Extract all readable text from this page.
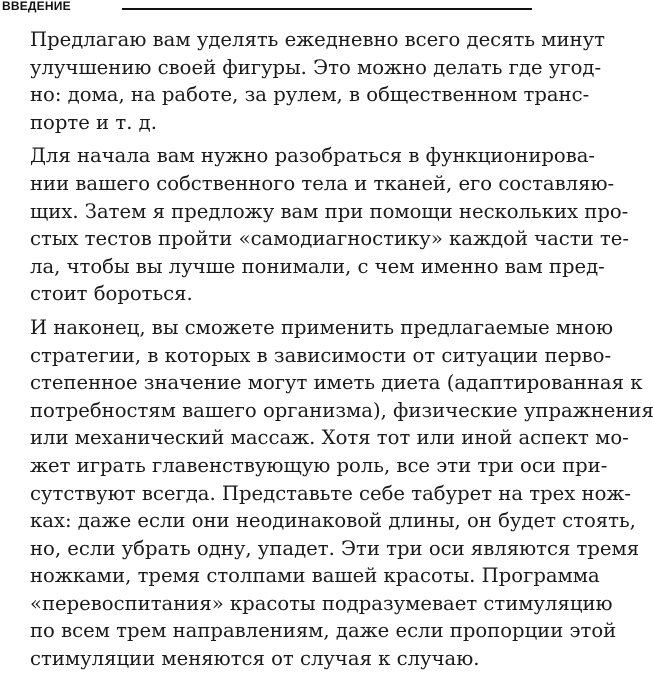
ВВЕДЕНИЕ
Предлагаю вам уделять ежедневно всего десять минут
улучшению своей фигуры. Это можно делать где угод-
но: дома, на работе, за рулем, в общественном транс-
порте и т. д.
Для начала вам нужно разобраться в функционирова-
нии вашего собственного тела и тканей, его составляю-
щих. Затем я предложу вам при помощи нескольких про-
стых тестов пройти «самодиагностику» каждой части те-
ла, чтобы вы лучше понимали, с чем именно вам пред-
стоит бороться.
И наконец, вы сможете применить предлагаемые мною
стратегии, в которых в зависимости от ситуации перво-
степенное значение могут иметь диета (адаптированная к
потребностям вашего организма), физические упражнения
или механический массаж. Хотя тот или иной аспект мо-
жет играть главенствующую роль, все эти три оси при-
сутствуют всегда. Представьте себе табурет на трех нож-
ках: даже если они неодинаковой длины, он будет стоять,
но, если убрать одну, упадет. Эти три оси являются тремя
ножками, тремя столпами вашей красоты. Программа
«перевоспитания» красоты подразумевает стимуляцию
по всем трем направлениям, даже если пропорции этой
стимуляции меняются от случая к случаю.
